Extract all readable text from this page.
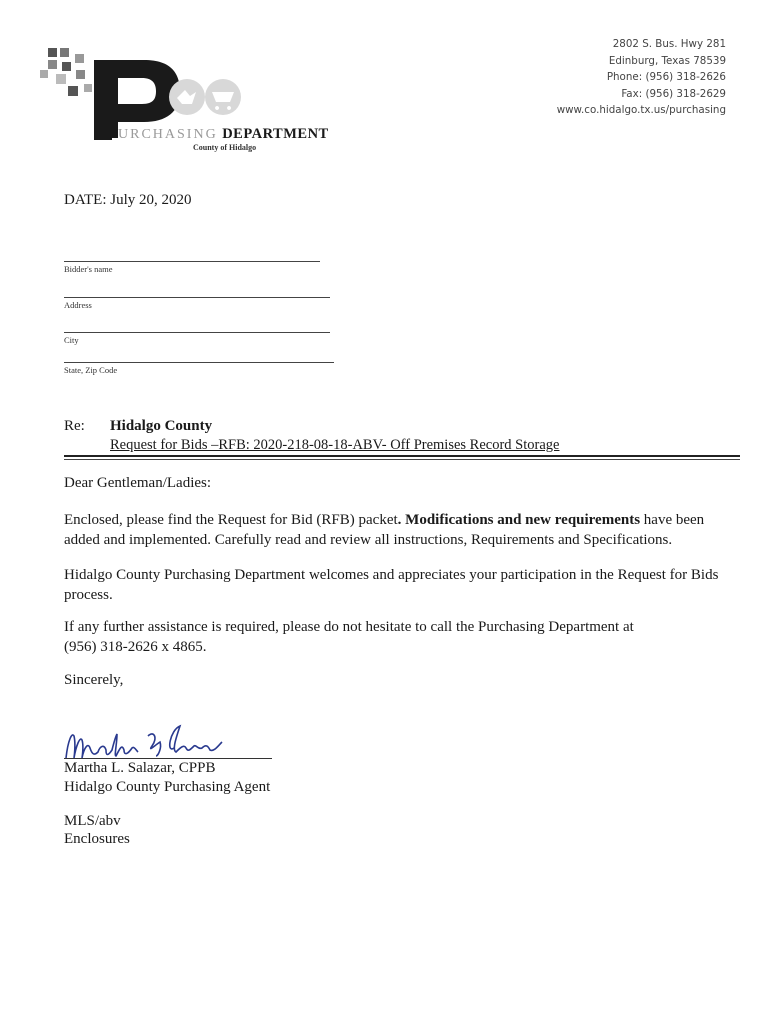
URCHASING DEPARTMENT
County of Hidalgo
2802 S. Bus. Hwy 281
Edinburg, Texas 78539
Phone: (956) 318-2626
Fax: (956) 318-2629
www.co.hidalgo.tx.us/purchasing
DATE: July 20, 2020
Bidder's name
Address
City
State, Zip Code
Re: Hidalgo County
Request for Bids –RFB: 2020-218-08-18-ABV- Off Premises Record Storage
Dear Gentleman/Ladies:
Enclosed, please find the Request for Bid (RFB) packet. Modifications and new requirements have been added and implemented. Carefully read and review all instructions, Requirements and Specifications.
Hidalgo County Purchasing Department welcomes and appreciates your participation in the Request for Bids process.
If any further assistance is required, please do not hesitate to call the Purchasing Department at (956) 318-2626 x 4865.
Sincerely,
Martha L. Salazar, CPPB
Hidalgo County Purchasing Agent
MLS/abv
Enclosures
